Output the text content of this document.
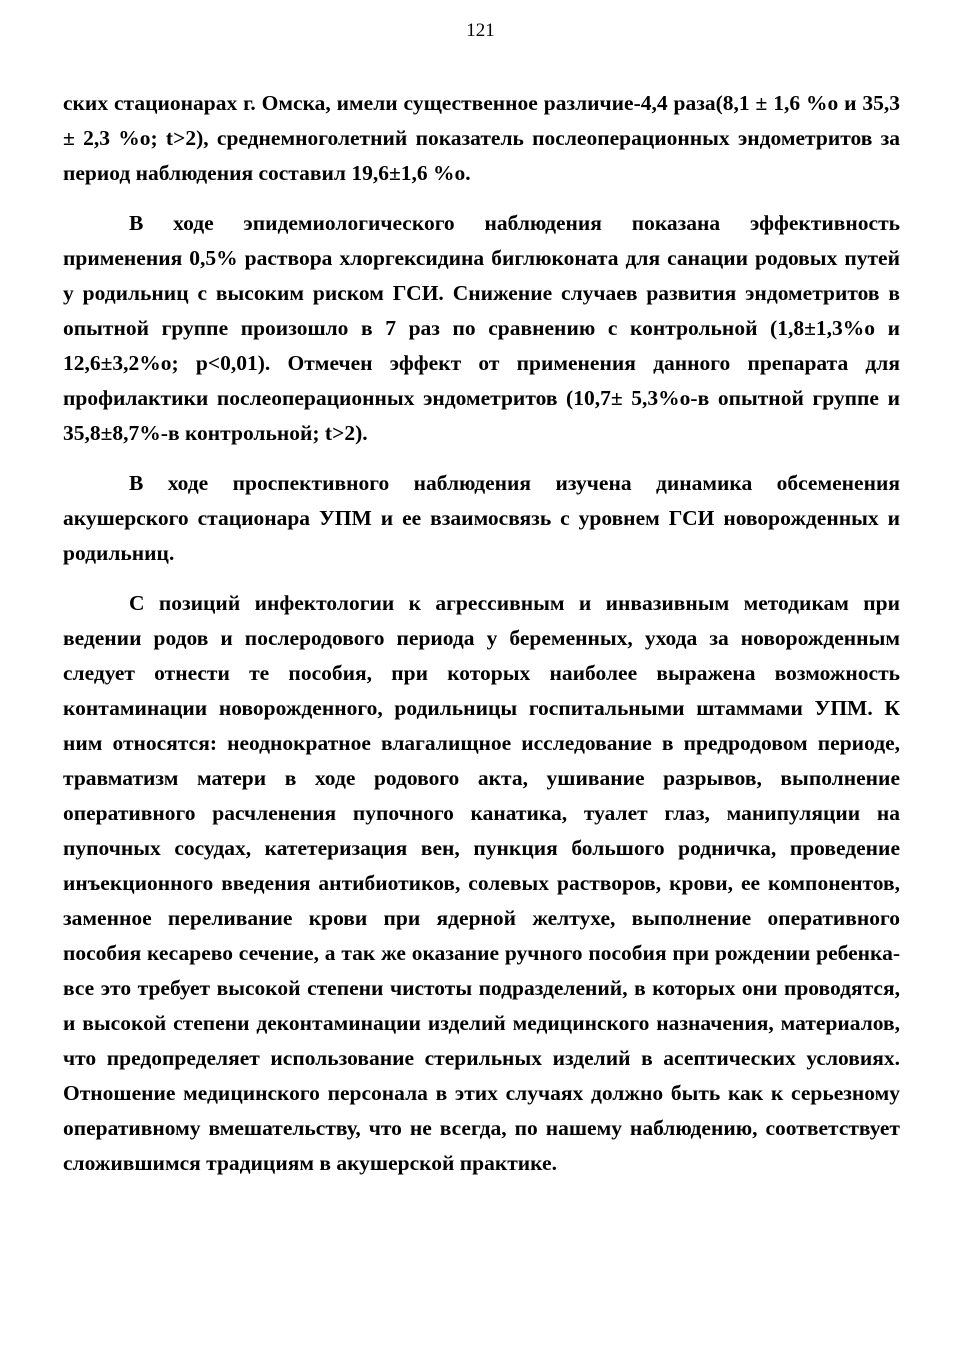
121

ских стационарах г. Омска, имели существенное различие-4,4 раза(8,1 ± 1,6 %о и 35,3 ± 2,3 %о; t>2), среднемноголетний показатель послеоперационных эндометритов за период наблюдения составил 19,6±1,6 %о.

В ходе эпидемиологического наблюдения показана эффективность применения 0,5% раствора хлоргексидина биглюконата для санации родовых путей у родильниц с высоким риском ГСИ. Снижение случаев развития эндометритов в опытной группе произошло в 7 раз по сравнению с контрольной (1,8±1,3%о и 12,6±3,2%о; p<0,01). Отмечен эффект от применения данного препарата для профилактики послеоперационных эндометритов (10,7± 5,3%о-в опытной группе и 35,8±8,7%-в контрольной; t>2).

В ходе проспективного наблюдения изучена динамика обсеменения акушерского стационара УПМ и ее взаимосвязь с уровнем ГСИ новорожденных и родильниц.

С позиций инфектологии к агрессивным и инвазивным методикам при ведении родов и послеродового периода у беременных, ухода за новорожденным следует отнести те пособия, при которых наиболее выражена возможность контаминации новорожденного, родильницы госпитальными штаммами УПМ. К ним относятся: неоднократное влагалищное исследование в предродовом периоде, травматизм матери в ходе родового акта, ушивание разрывов, выполнение оперативного расчленения пупочного канатика, туалет глаз, манипуляции на пупочных сосудах, катетеризация вен, пункция большого родничка, проведение инъекционного введения антибиотиков, солевых растворов, крови, ее компонентов, заменное переливание крови при ядерной желтухе, выполнение оперативного пособия кесарево сечение, а так же оказание ручного пособия при рождении ребенка-все это требует высокой степени чистоты подразделений, в которых они проводятся, и высокой степени деконтаминации изделий медицинского назначения, материалов, что предопределяет использование стерильных изделий в асептических условиях. Отношение медицинского персонала в этих случаях должно быть как к серьезному оперативному вмешательству, что не всегда, по нашему наблюдению, соответствует сложившимся традициям в акушерской практике.
